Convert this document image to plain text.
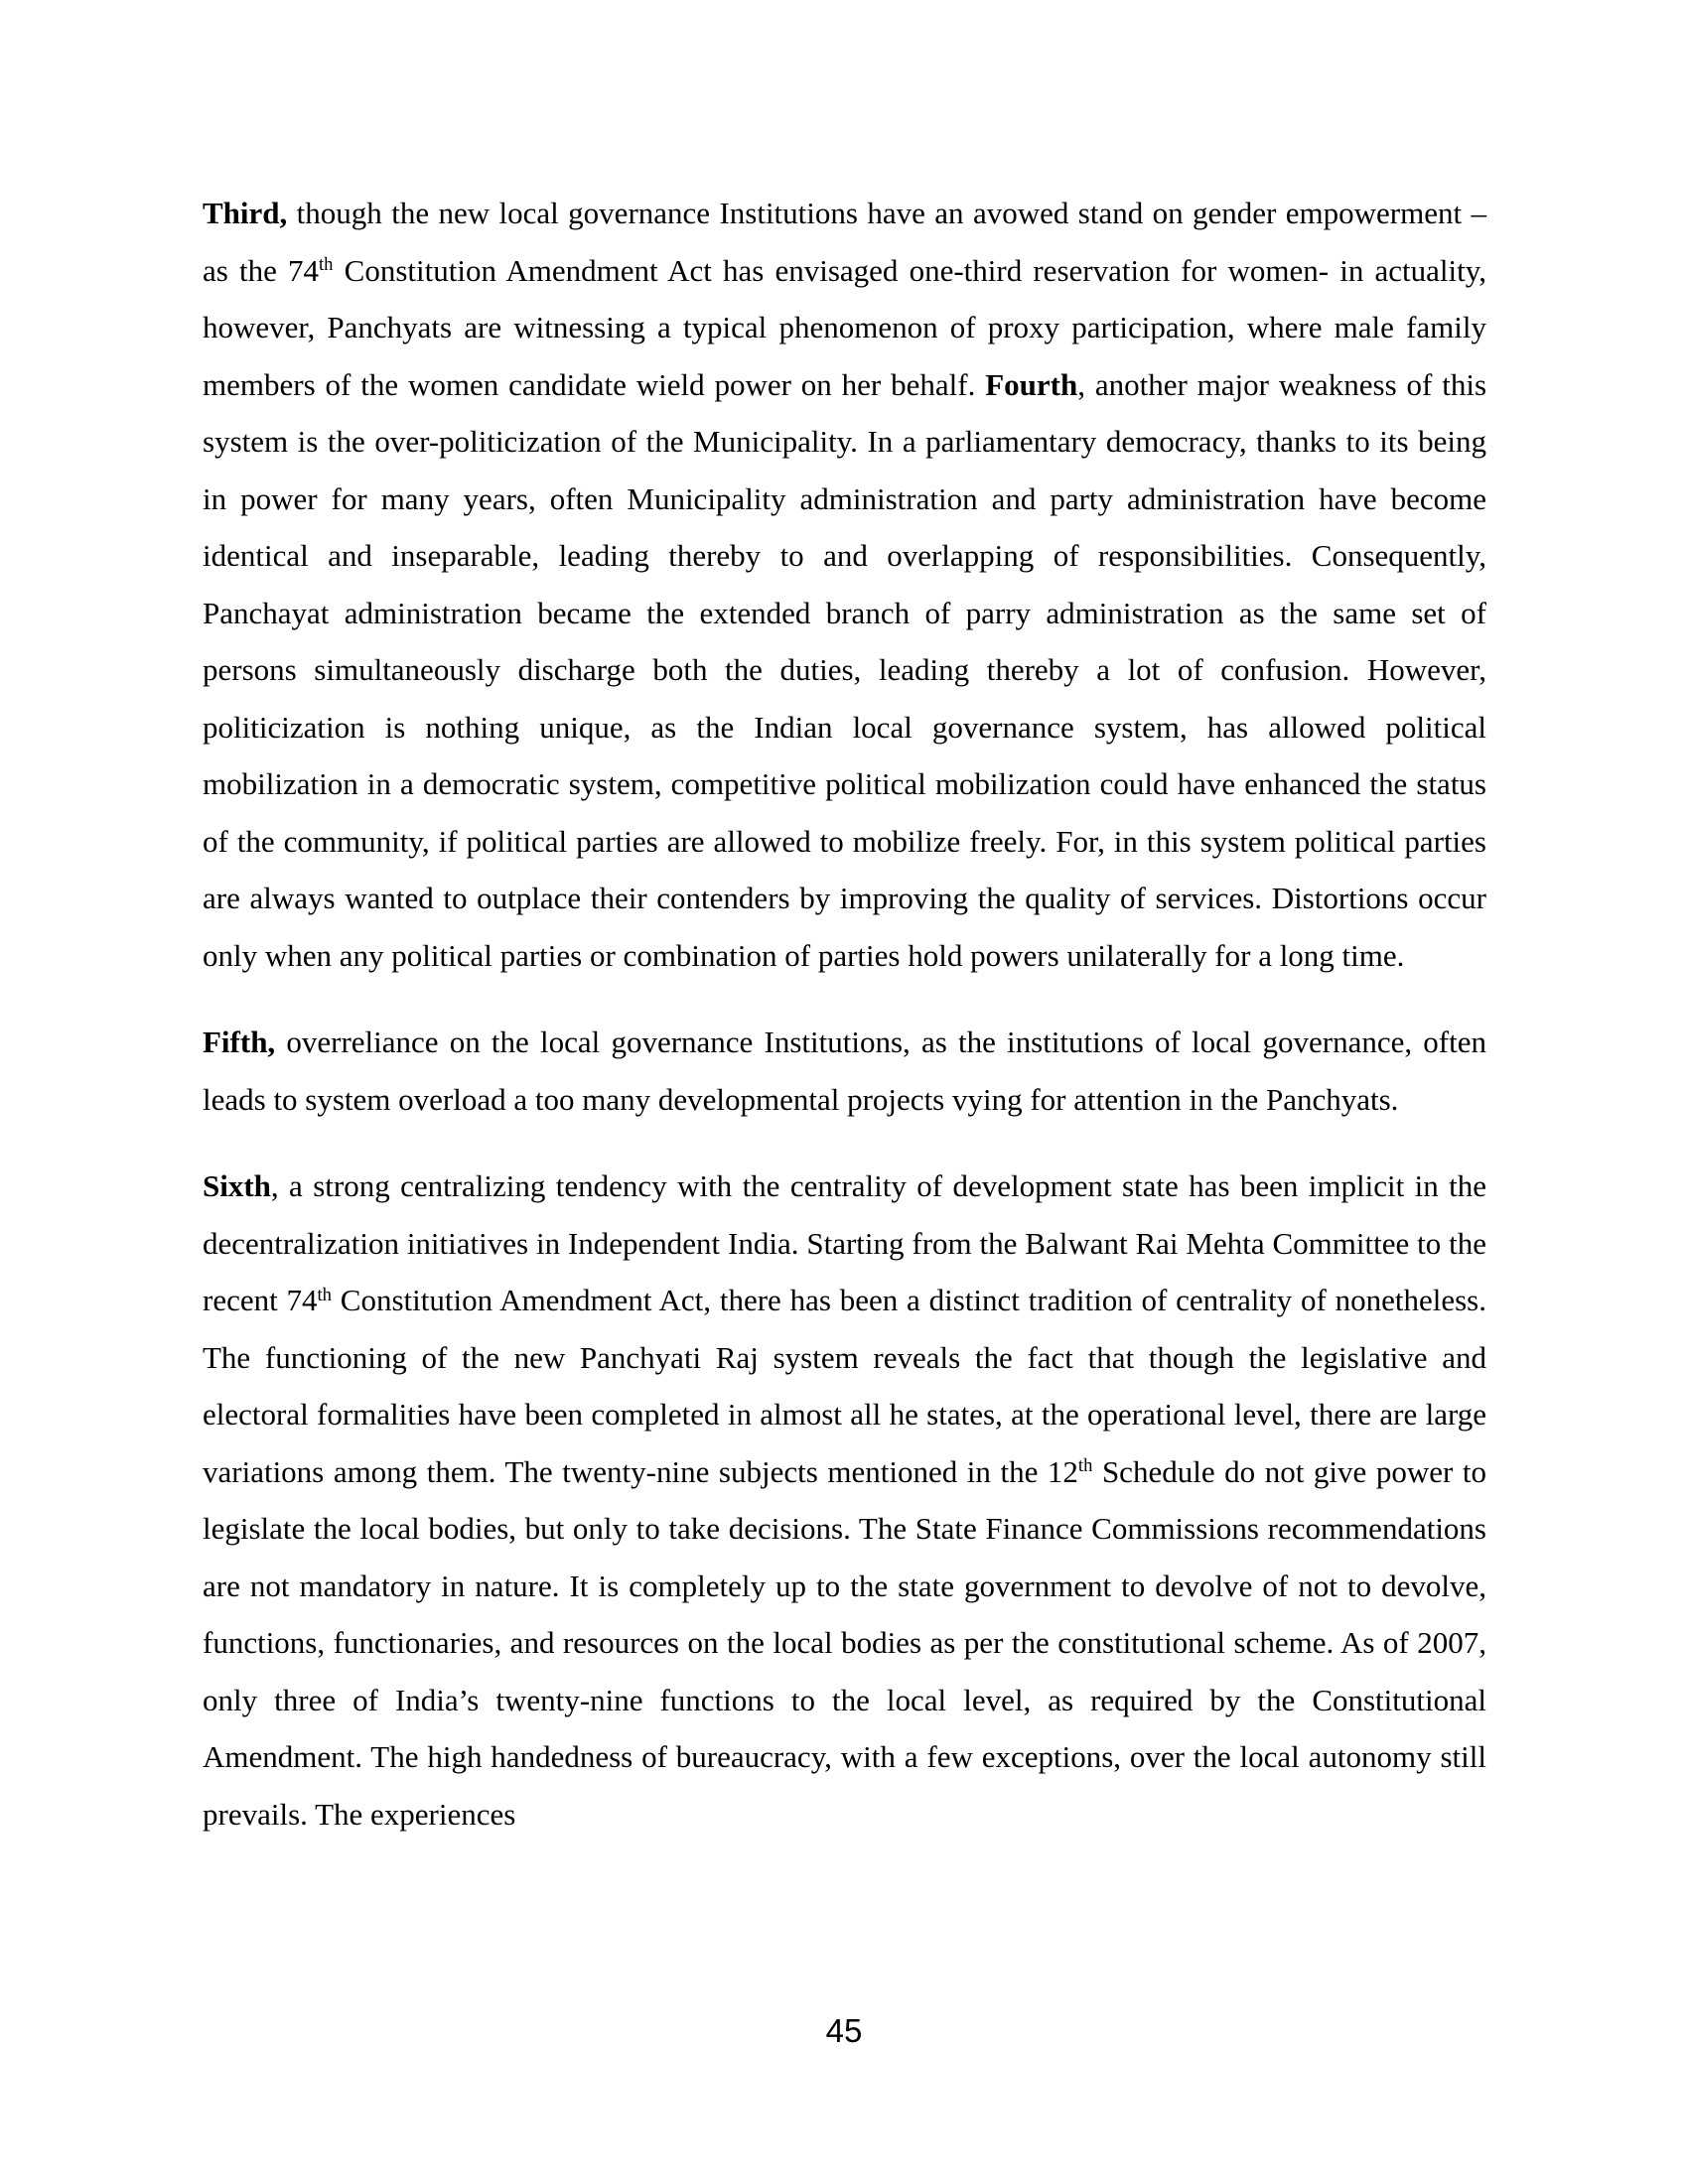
Third, though the new local governance Institutions have an avowed stand on gender empowerment –as the 74th Constitution Amendment Act has envisaged one-third reservation for women- in actuality, however, Panchyats are witnessing a typical phenomenon of proxy participation, where male family members of the women candidate wield power on her behalf. Fourth, another major weakness of this system is the over-politicization of the Municipality. In a parliamentary democracy, thanks to its being in power for many years, often Municipality administration and party administration have become identical and inseparable, leading thereby to and overlapping of responsibilities. Consequently, Panchayat administration became the extended branch of parry administration as the same set of persons simultaneously discharge both the duties, leading thereby a lot of confusion. However, politicization is nothing unique, as the Indian local governance system, has allowed political mobilization in a democratic system, competitive political mobilization could have enhanced the status of the community, if political parties are allowed to mobilize freely. For, in this system political parties are always wanted to outplace their contenders by improving the quality of services. Distortions occur only when any political parties or combination of parties hold powers unilaterally for a long time.

Fifth, overreliance on the local governance Institutions, as the institutions of local governance, often leads to system overload a too many developmental projects vying for attention in the Panchyats.

Sixth, a strong centralizing tendency with the centrality of development state has been implicit in the decentralization initiatives in Independent India. Starting from the Balwant Rai Mehta Committee to the recent 74th Constitution Amendment Act, there has been a distinct tradition of centrality of nonetheless. The functioning of the new Panchyati Raj system reveals the fact that though the legislative and electoral formalities have been completed in almost all he states, at the operational level, there are large variations among them. The twenty-nine subjects mentioned in the 12th Schedule do not give power to legislate the local bodies, but only to take decisions. The State Finance Commissions recommendations are not mandatory in nature. It is completely up to the state government to devolve of not to devolve, functions, functionaries, and resources on the local bodies as per the constitutional scheme. As of 2007, only three of India’s twenty-nine functions to the local level, as required by the Constitutional Amendment. The high handedness of bureaucracy, with a few exceptions, over the local autonomy still prevails. The experiences

45
